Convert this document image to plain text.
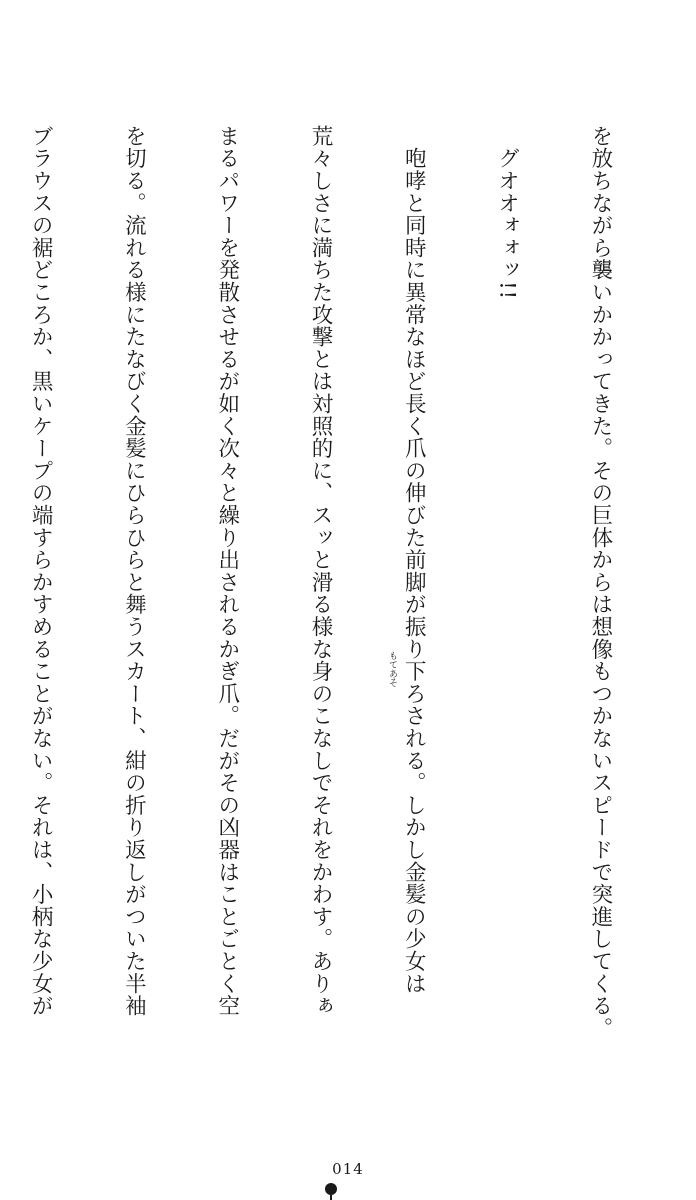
を放ちながら襲いかかってきた。その巨体からは想像もつかないスピードで突進してくる。

　グオオォォッ!!

　咆哮と同時に異常なほど長く爪の伸びた前脚が振り下ろされる。しかし金髪の少女は

荒々しさに満ちた攻撃とは対照的に、スッと滑る様な身のこなしでそれをかわす。ありぁ

まるパワーを発散させるが如く次々と繰り出されるかぎ爪。だがその凶器はことごとく空

を切る。流れる様にたなびく金髪にひらひらと舞うスカート、紺の折り返しがついた半袖

ブラウスの裾どころか、黒いケープの端すらかすめることがない。それは、小柄な少女が

	もてあそ
014
